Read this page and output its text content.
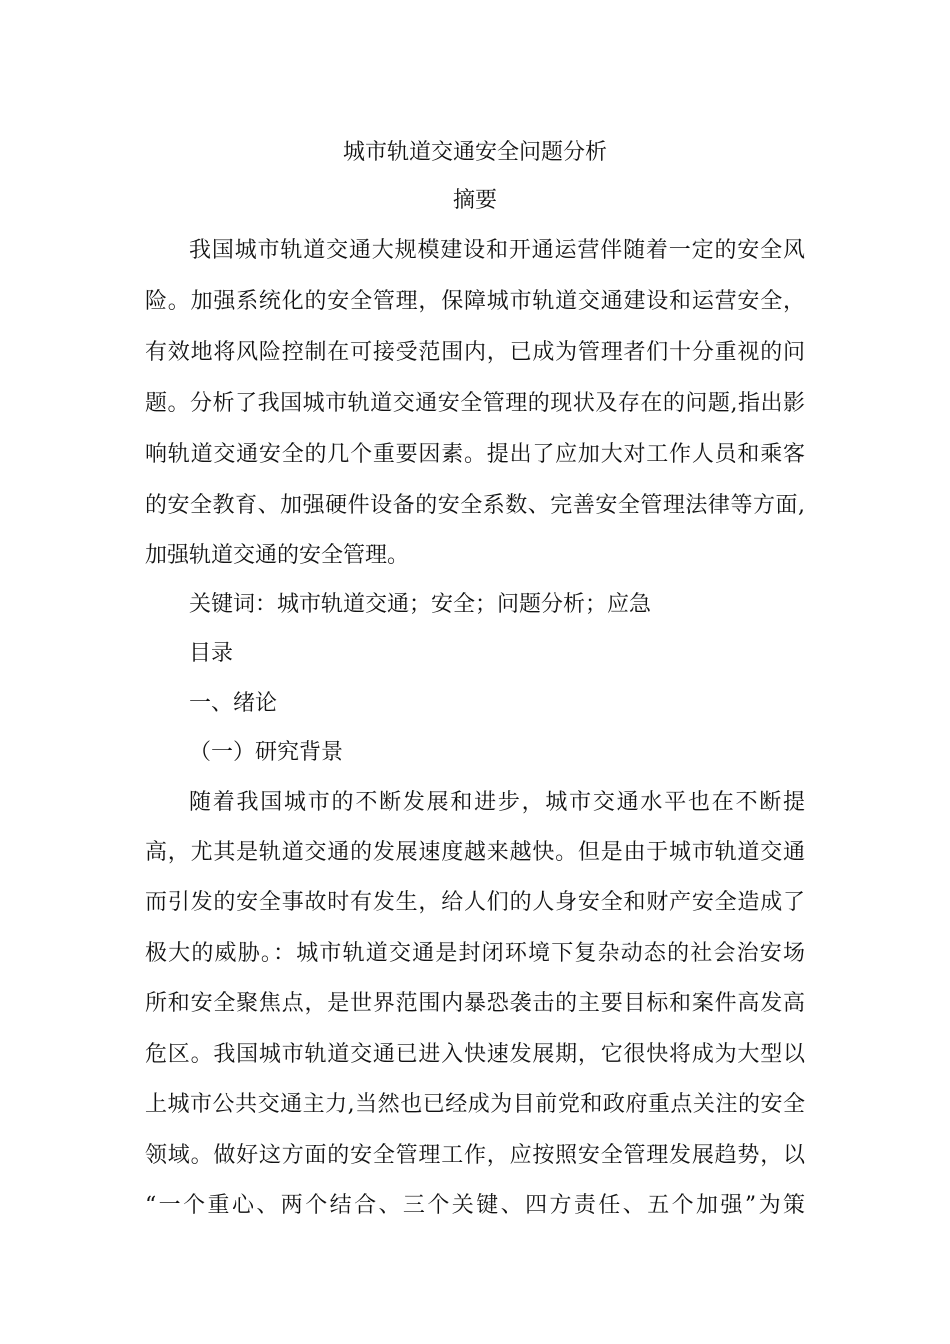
城市轨道交通安全问题分析
摘要
我国城市轨道交通大规模建设和开通运营伴随着一定的安全风
险。加强系统化的安全管理，保障城市轨道交通建设和运营安全，
有效地将风险控制在可接受范围内，已成为管理者们十分重视的问
题。分析了我国城市轨道交通安全管理的现状及存在的问题,指出影
响轨道交通安全的几个重要因素。提出了应加大对工作人员和乘客
的安全教育、加强硬件设备的安全系数、完善安全管理法律等方面,
加强轨道交通的安全管理。
关键词：城市轨道交通；安全；问题分析；应急
目录
一、绪论
（一）研究背景
随着我国城市的不断发展和进步，城市交通水平也在不断提
高，尤其是轨道交通的发展速度越来越快。但是由于城市轨道交通
而引发的安全事故时有发生，给人们的人身安全和财产安全造成了
极大的威胁。：城市轨道交通是封闭环境下复杂动态的社会治安场
所和安全聚焦点，是世界范围内暴恐袭击的主要目标和案件高发高
危区。我国城市轨道交通已进入快速发展期，它很快将成为大型以
上城市公共交通主力,当然也已经成为目前党和政府重点关注的安全
领域。做好这方面的安全管理工作，应按照安全管理发展趋势，以
“一个重心、两个结合、三个关键、四方责任、五个加强”为策
